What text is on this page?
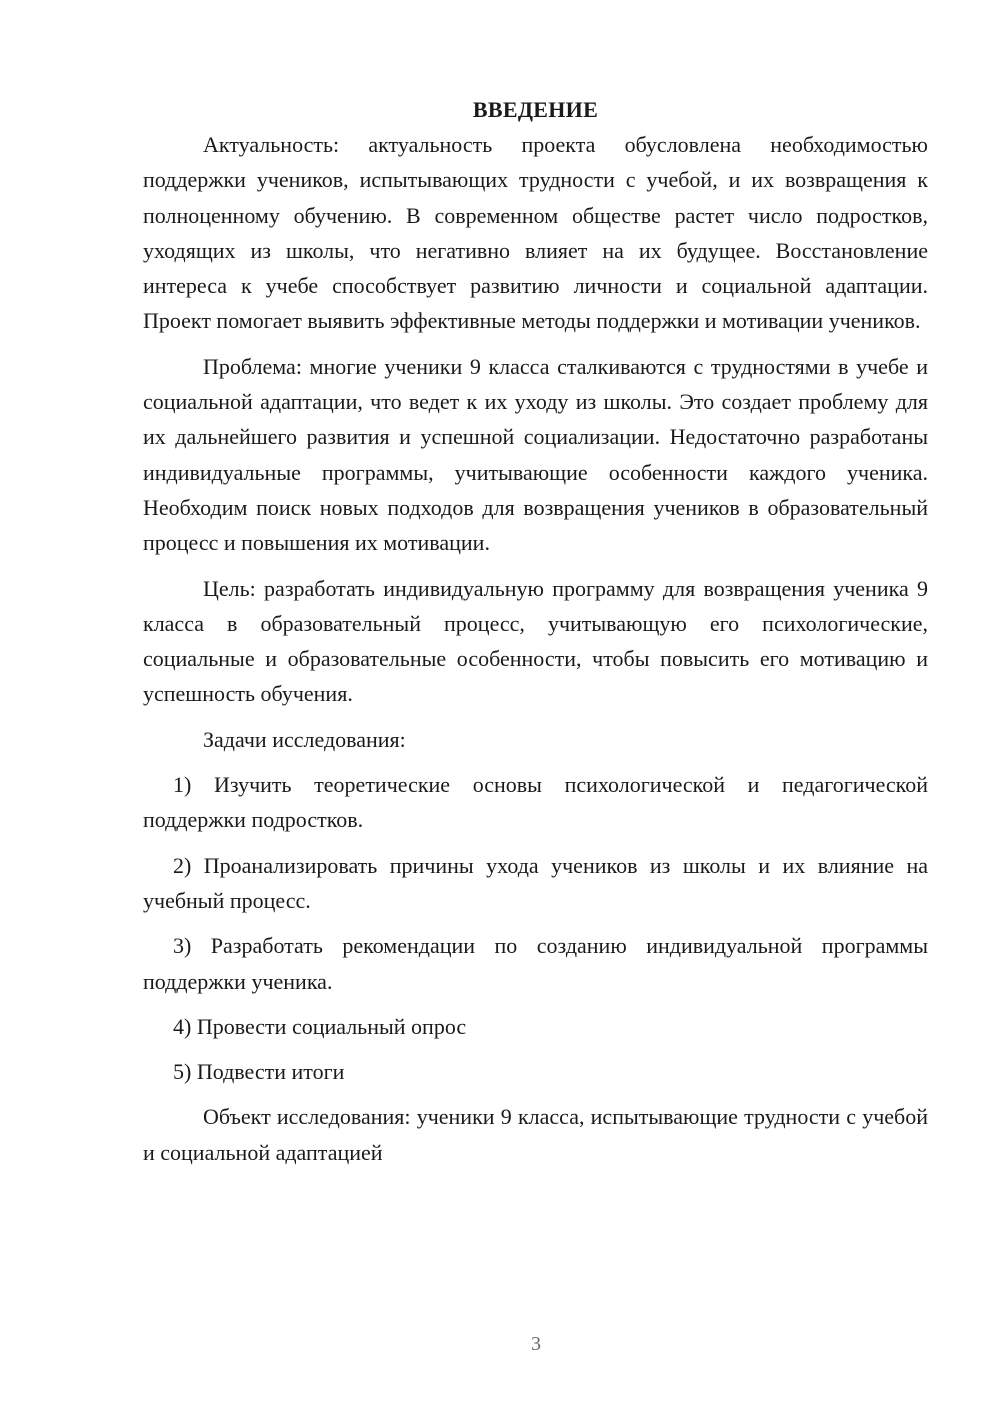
ВВЕДЕНИЕ

Актуальность: актуальность проекта обусловлена необходимостью поддержки учеников, испытывающих трудности с учебой, и их возвращения к полноценному обучению. В современном обществе растет число подростков, уходящих из школы, что негативно влияет на их будущее. Восстановление интереса к учебе способствует развитию личности и социальной адаптации. Проект помогает выявить эффективные методы поддержки и мотивации учеников.

Проблема: многие ученики 9 класса сталкиваются с трудностями в учебе и социальной адаптации, что ведет к их уходу из школы. Это создает проблему для их дальнейшего развития и успешной социализации. Недостаточно разработаны индивидуальные программы, учитывающие особенности каждого ученика. Необходим поиск новых подходов для возвращения учеников в образовательный процесс и повышения их мотивации.

Цель: разработать индивидуальную программу для возвращения ученика 9 класса в образовательный процесс, учитывающую его психологические, социальные и образовательные особенности, чтобы повысить его мотивацию и успешность обучения.

Задачи исследования:

1) Изучить теоретические основы психологической и педагогической поддержки подростков.

2) Проанализировать причины ухода учеников из школы и их влияние на учебный процесс.

3) Разработать рекомендации по созданию индивидуальной программы поддержки ученика.

4) Провести социальный опрос

5) Подвести итоги

Объект исследования: ученики 9 класса, испытывающие трудности с учебой и социальной адаптацией

3
